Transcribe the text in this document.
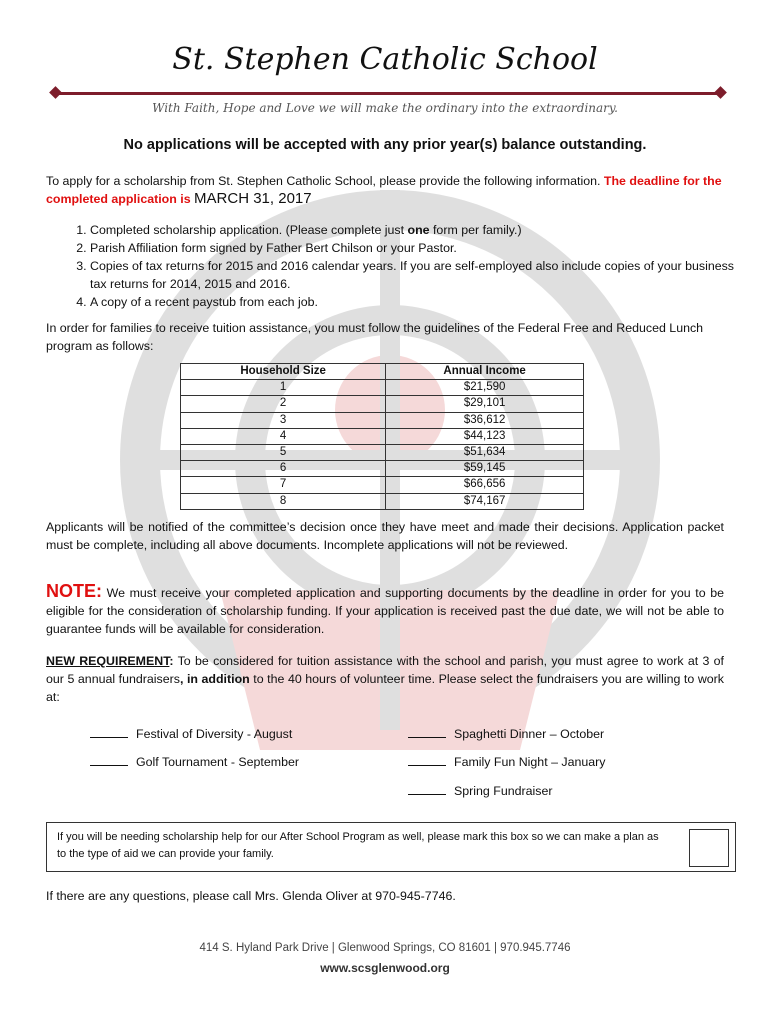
St. Stephen Catholic School
With Faith, Hope and Love we will make the ordinary into the extraordinary.
No applications will be accepted with any prior year(s) balance outstanding.
To apply for a scholarship from St. Stephen Catholic School, please provide the following information. The deadline for the completed application is MARCH 31, 2017
1. Completed scholarship application. (Please complete just one form per family.)
2. Parish Affiliation form signed by Father Bert Chilson or your Pastor.
3. Copies of tax returns for 2015 and 2016 calendar years. If you are self-employed also include copies of your business tax returns for 2014, 2015 and 2016.
4. A copy of a recent paystub from each job.
In order for families to receive tuition assistance, you must follow the guidelines of the Federal Free and Reduced Lunch program as follows:
Household Size	Annual Income
1	$21,590
2	$29,101
3	$36,612
4	$44,123
5	$51,634
6	$59,145
7	$66,656
8	$74,167
Applicants will be notified of the committee’s decision once they have meet and made their decisions. Application packet must be complete, including all above documents. Incomplete applications will not be reviewed.
NOTE: We must receive your completed application and supporting documents by the deadline in order for you to be eligible for the consideration of scholarship funding. If your application is received past the due date, we will not be able to guarantee funds will be available for consideration.
NEW REQUIREMENT: To be considered for tuition assistance with the school and parish, you must agree to work at 3 of our 5 annual fundraisers, in addition to the 40 hours of volunteer time. Please select the fundraisers you are willing to work at:
Festival of Diversity - August	Spaghetti Dinner – October
Golf Tournament - September	Family Fun Night – January
Spring Fundraiser
If you will be needing scholarship help for our After School Program as well, please mark this box so we can make a plan as to the type of aid we can provide your family.
If there are any questions, please call Mrs. Glenda Oliver at 970-945-7746.
414 S. Hyland Park Drive | Glenwood Springs, CO 81601 | 970.945.7746
www.scsglenwood.org
